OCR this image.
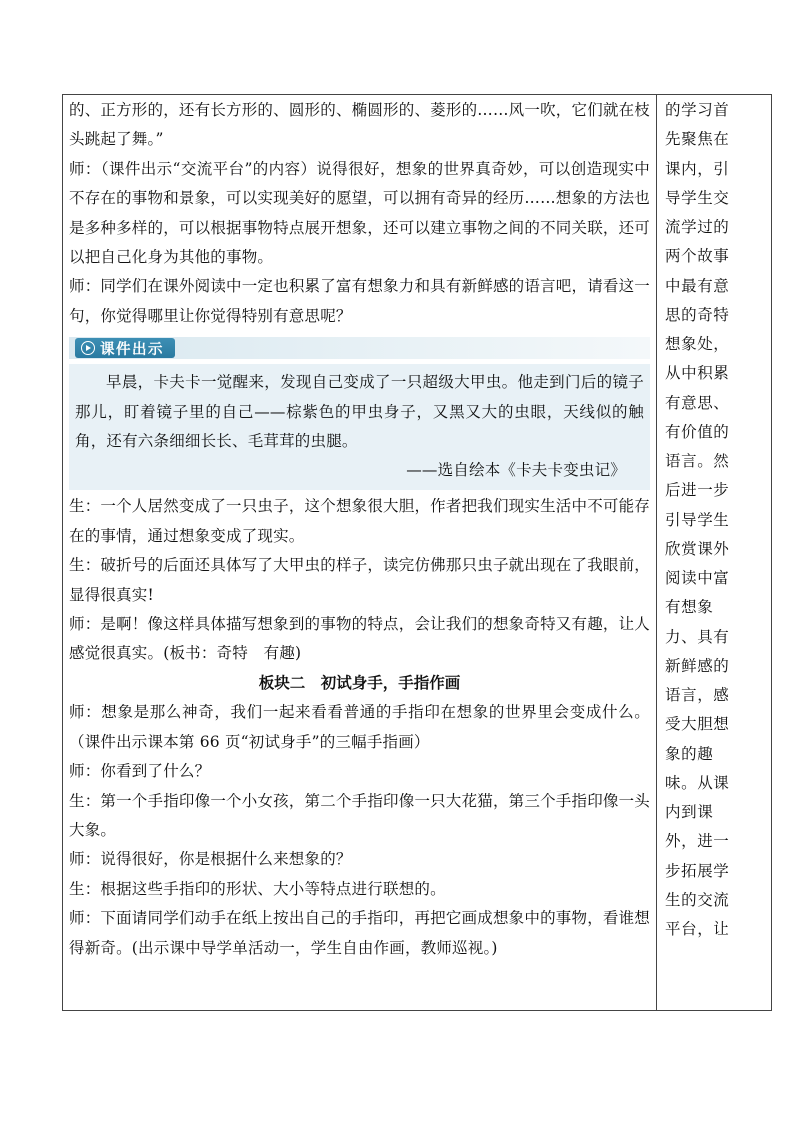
的、正方形的，还有长方形的、圆形的、椭圆形的、菱形的……风一吹，它们就在枝头跳起了舞。”

师：（课件出示“交流平台”的内容）说得很好，想象的世界真奇妙，可以创造现实中不存在的事物和景象，可以实现美好的愿望，可以拥有奇异的经历……想象的方法也是多种多样的，可以根据事物特点展开想象，还可以建立事物之间的不同关联，还可以把自己化身为其他的事物。

师：同学们在课外阅读中一定也积累了富有想象力和具有新鲜感的语言吧，请看这一句，你觉得哪里让你觉得特别有意思呢？

课件出示

早晨，卡夫卡一觉醒来，发现自己变成了一只超级大甲虫。他走到门后的镜子那儿，盯着镜子里的自己——棕紫色的甲虫身子，又黑又大的虫眼，天线似的触角，还有六条细细长长、毛茸茸的虫腿。

——选自绘本《卡夫卡变虫记》

生：一个人居然变成了一只虫子，这个想象很大胆，作者把我们现实生活中不可能存在的事情，通过想象变成了现实。

生：破折号的后面还具体写了大甲虫的样子，读完仿佛那只虫子就出现在了我眼前，显得很真实!

师：是啊！像这样具体描写想象到的事物的特点，会让我们的想象奇特又有趣，让人感觉很真实。(板书：奇特　有趣)

板块二　初试身手，手指作画

师：想象是那么神奇，我们一起来看看普通的手指印在想象的世界里会变成什么。（课件出示课本第 66 页“初试身手”的三幅手指画）

师：你看到了什么？

生：第一个手指印像一个小女孩，第二个手指印像一只大花猫，第三个手指印像一头大象。

师：说得很好，你是根据什么来想象的？

生：根据这些手指印的形状、大小等特点进行联想的。

师：下面请同学们动手在纸上按出自己的手指印，再把它画成想象中的事物，看谁想得新奇。(出示课中导学单活动一，学生自由作画，教师巡视。)

的学习首

先聚焦在

课内，引

导学生交

流学过的

两个故事

中最有意

思的奇特

想象处，

从中积累

有意思、

有价值的

语言。然

后进一步

引导学生

欣赏课外

阅读中富

有想象

力、具有

新鲜感的

语言，感

受大胆想

象的趣

味。从课

内到课

外，进一

步拓展学

生的交流

平台，让
